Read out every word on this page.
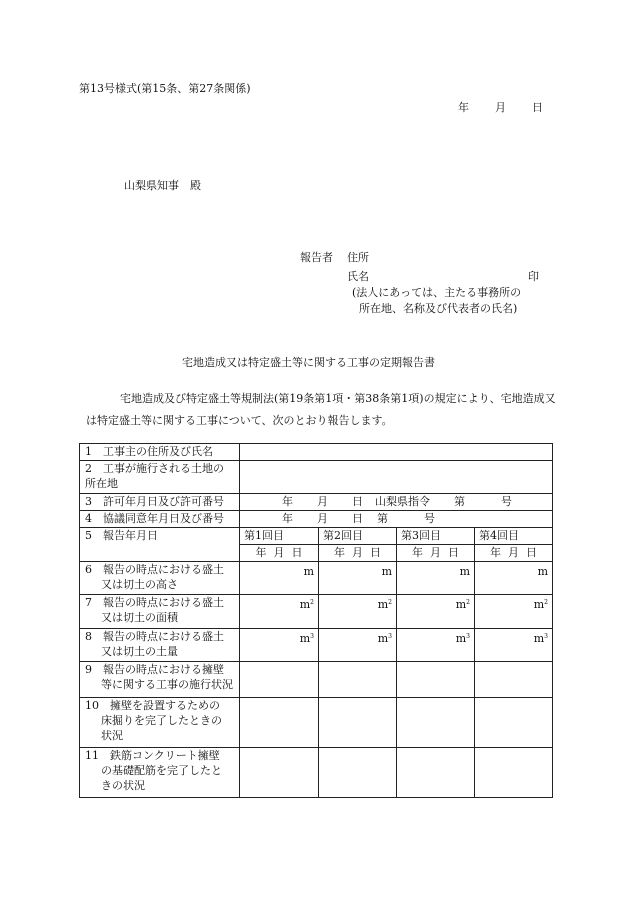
第13号様式(第15条、第27条関係)
年 月 日
山梨県知事　殿
報告者 住所
氏名	印
(法人にあっては、主たる事務所の
所在地、名称及び代表者の氏名)
宅地造成又は特定盛土等に関する工事の定期報告書
宅地造成及び特定盛土等規制法(第19条第1項・第38条第1項)の規定により、宅地造成又は特定盛土等に関する工事について、次のとおり報告します。
1　工事主の住所及び氏名				

2　工事が施行される土地の
所在地				

3　許可年月日及び許可番号	年 月 日 山梨県指令 第 号			
4　協議同意年月日及び番号	年 月 日 第 号			
5　報告年月日	第1回目	第2回目	第3回目	第4回目
	年 月 日	年 月 日	年 月 日	年 月 日

6　報告の時点における盛土
又は切土の高さ	m	m	m	m

7　報告の時点における盛土
又は切土の面積	$m^2$	$m^2$	$m^2$	$m^2$

8　報告の時点における盛土
又は切土の土量	$m^3$	$m^3$	$m^3$	$m^3$

9　報告の時点における擁壁
等に関する工事の施行状況				

10　擁壁を設置するための
床掘りを完了したときの
状況				

11　鉄筋コンクリート擁壁
の基礎配筋を完了したと
きの状況				
